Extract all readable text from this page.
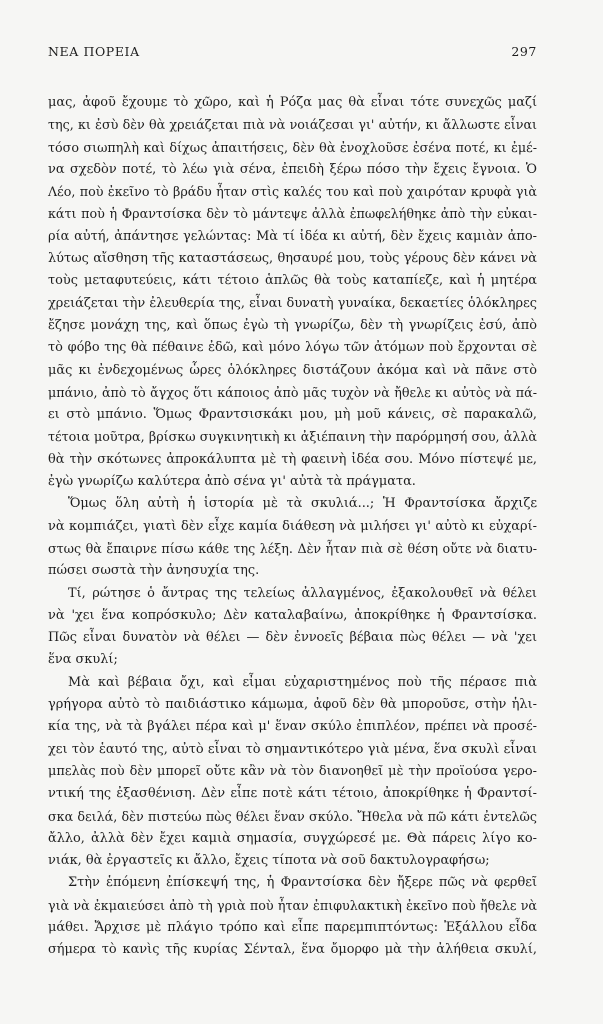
ΝΕΑ ΠΟΡΕΙΑ	297
μας, ἀφοῦ ἔχουμε τὸ χῶρο, καὶ ἡ Ρόζα μας θὰ εἶναι τότε συνεχῶς μαζί
της, κι ἐσὺ δὲν θὰ χρειάζεται πιὰ νὰ νοιάζεσαι γι' αὐτήν, κι ἄλλωστε εἶναι
τόσο σιωπηλὴ καὶ δίχως ἀπαιτήσεις, δὲν θὰ ἐνοχλοῦσε ἐσένα ποτέ, κι ἐμέ-
να σχεδὸν ποτέ, τὸ λέω γιὰ σένα, ἐπειδὴ ξέρω πόσο τὴν ἔχεις ἔγνοια. Ὁ
Λέο, ποὺ ἐκεῖνο τὸ βράδυ ἦταν στὶς καλές του καὶ ποὺ χαιρόταν κρυφὰ γιὰ
κάτι ποὺ ἡ Φραντσίσκα δὲν τὸ μάντεψε ἀλλὰ ἐπωφελήθηκε ἀπὸ τὴν εὐκαι-
ρία αὐτή, ἀπάντησε γελώντας: Μὰ τί ἰδέα κι αὐτή, δὲν ἔχεις καμιὰν ἀπο-
λύτως αἴσθηση τῆς καταστάσεως, θησαυρέ μου, τοὺς γέρους δὲν κάνει νὰ
τοὺς μεταφυτεύεις, κάτι τέτοιο ἁπλῶς θὰ τοὺς καταπίεζε, καὶ ἡ μητέρα
χρειάζεται τὴν ἐλευθερία της, εἶναι δυνατὴ γυναίκα, δεκαετίες ὁλόκληρες
ἔζησε μονάχη της, καὶ ὅπως ἐγὼ τὴ γνωρίζω, δὲν τὴ γνωρίζεις ἐσύ, ἀπὸ
τὸ φόβο της θὰ πέθαινε ἐδῶ, καὶ μόνο λόγω τῶν ἀτόμων ποὺ ἔρχονται σὲ
μᾶς κι ἐνδεχομένως ὧρες ὁλόκληρες διστάζουν ἀκόμα καὶ νὰ πᾶνε στὸ
μπάνιο, ἀπὸ τὸ ἄγχος ὅτι κάποιος ἀπὸ μᾶς τυχὸν νὰ ἤθελε κι αὐτὸς νὰ πά-
ει στὸ μπάνιο. Ὅμως Φραντσισκάκι μου, μὴ μοῦ κάνεις, σὲ παρακαλῶ,
τέτοια μοῦτρα, βρίσκω συγκινητικὴ κι ἀξιέπαινη τὴν παρόρμησή σου, ἀλλὰ
θὰ τὴν σκότωνες ἀπροκάλυπτα μὲ τὴ φαεινὴ ἰδέα σου. Μόνο πίστεψέ με,
ἐγὼ γνωρίζω καλύτερα ἀπὸ σένα γι' αὐτὰ τὰ πράγματα.
Ὅμως ὅλη αὐτὴ ἡ ἱστορία μὲ τὰ σκυλιά...; Ἡ Φραντσίσκα ἄρχιζε
νὰ κομπιάζει, γιατὶ δὲν εἶχε καμία διάθεση νὰ μιλήσει γι' αὐτὸ κι εὐχαρί-
στως θὰ ἔπαιρνε πίσω κάθε της λέξη. Δὲν ἦταν πιὰ σὲ θέση οὔτε νὰ διατυ-
πώσει σωστὰ τὴν ἀνησυχία της.
Τί, ρώτησε ὁ ἄντρας της τελείως ἀλλαγμένος, ἐξακολουθεῖ νὰ θέλει
νὰ 'χει ἕνα κοπρόσκυλο; Δὲν καταλαβαίνω, ἀποκρίθηκε ἡ Φραντσίσκα.
Πῶς εἶναι δυνατὸν νὰ θέλει — δὲν ἐννοεῖς βέβαια πὼς θέλει — νὰ 'χει
ἕνα σκυλί;
Μὰ καὶ βέβαια ὄχι, καὶ εἶμαι εὐχαριστημένος ποὺ τῆς πέρασε πιὰ
γρήγορα αὐτὸ τὸ παιδιάστικο κάμωμα, ἀφοῦ δὲν θὰ μποροῦσε, στὴν ἡλι-
κία της, νὰ τὰ βγάλει πέρα καὶ μ' ἕναν σκύλο ἐπιπλέον, πρέπει νὰ προσέ-
χει τὸν ἑαυτό της, αὐτὸ εἶναι τὸ σημαντικότερο γιὰ μένα, ἕνα σκυλὶ εἶναι
μπελὰς ποὺ δὲν μπορεῖ οὔτε κἂν νὰ τὸν διανοηθεῖ μὲ τὴν προϊούσα γερο-
ντική της ἐξασθένιση. Δὲν εἶπε ποτὲ κάτι τέτοιο, ἀποκρίθηκε ἡ Φραντσί-
σκα δειλά, δὲν πιστεύω πὼς θέλει ἕναν σκύλο. Ἤθελα νὰ πῶ κάτι ἐντελῶς
ἄλλο, ἀλλὰ δὲν ἔχει καμιὰ σημασία, συγχώρεσέ με. Θὰ πάρεις λίγο κο-
νιάκ, θὰ ἐργαστεῖς κι ἄλλο, ἔχεις τίποτα νὰ σοῦ δακτυλογραφήσω;
Στὴν ἑπόμενη ἐπίσκεψή της, ἡ Φραντσίσκα δὲν ἤξερε πῶς νὰ φερθεῖ
γιὰ νὰ ἐκμαιεύσει ἀπὸ τὴ γριὰ ποὺ ἦταν ἐπιφυλακτικὴ ἐκεῖνο ποὺ ἤθελε νὰ
μάθει. Ἄρχισε μὲ πλάγιο τρόπο καὶ εἶπε παρεμπιπτόντως: Ἐξάλλου εἶδα
σήμερα τὸ κανὶς τῆς κυρίας Σένταλ, ἕνα ὄμορφο μὰ τὴν ἀλήθεια σκυλί,
